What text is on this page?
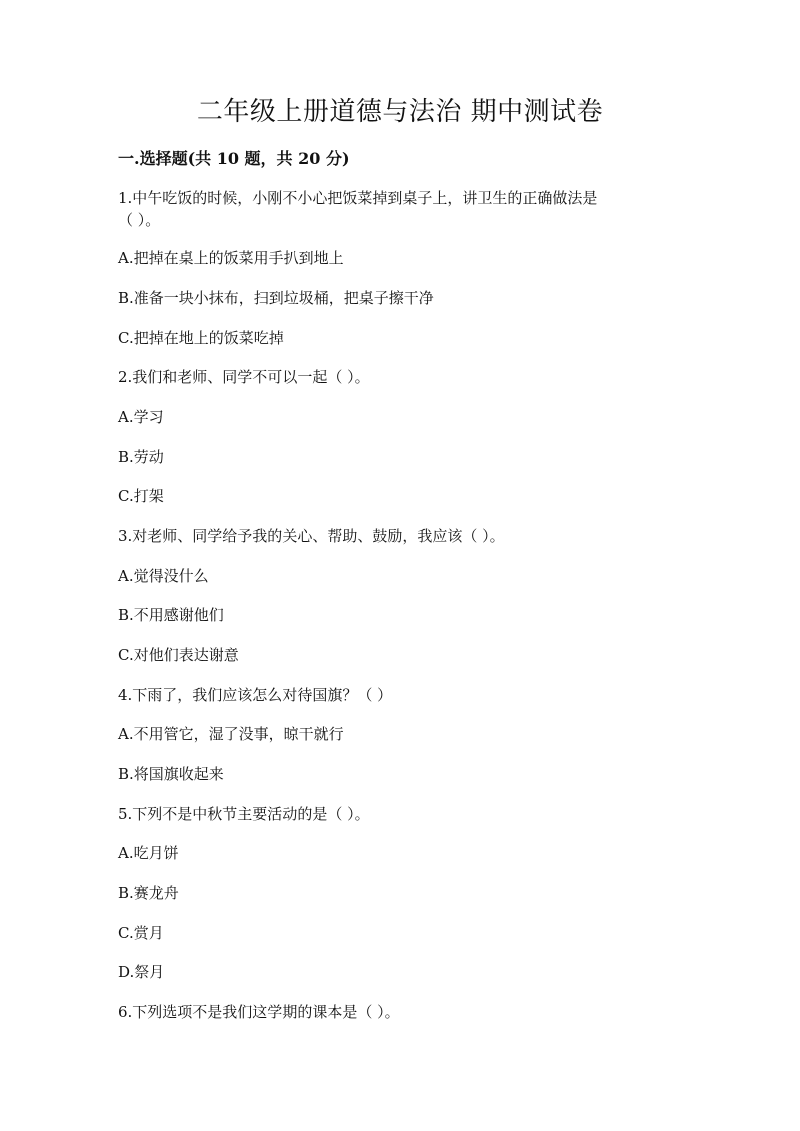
二年级上册道德与法治 期中测试卷
一.选择题(共 10 题，共 20 分)
1.中午吃饭的时候，小刚不小心把饭菜掉到桌子上，讲卫生的正确做法是
（ ）。
A.把掉在桌上的饭菜用手扒到地上
B.准备一块小抹布，扫到垃圾桶，把桌子擦干净
C.把掉在地上的饭菜吃掉
2.我们和老师、同学不可以一起（ ）。
A.学习
B.劳动
C.打架
3.对老师、同学给予我的关心、帮助、鼓励，我应该（ ）。
A.觉得没什么
B.不用感谢他们
C.对他们表达谢意
4.下雨了，我们应该怎么对待国旗？（ ）
A.不用管它，湿了没事，晾干就行
B.将国旗收起来
5.下列不是中秋节主要活动的是（ ）。
A.吃月饼
B.赛龙舟
C.赏月
D.祭月
6.下列选项不是我们这学期的课本是（ ）。
